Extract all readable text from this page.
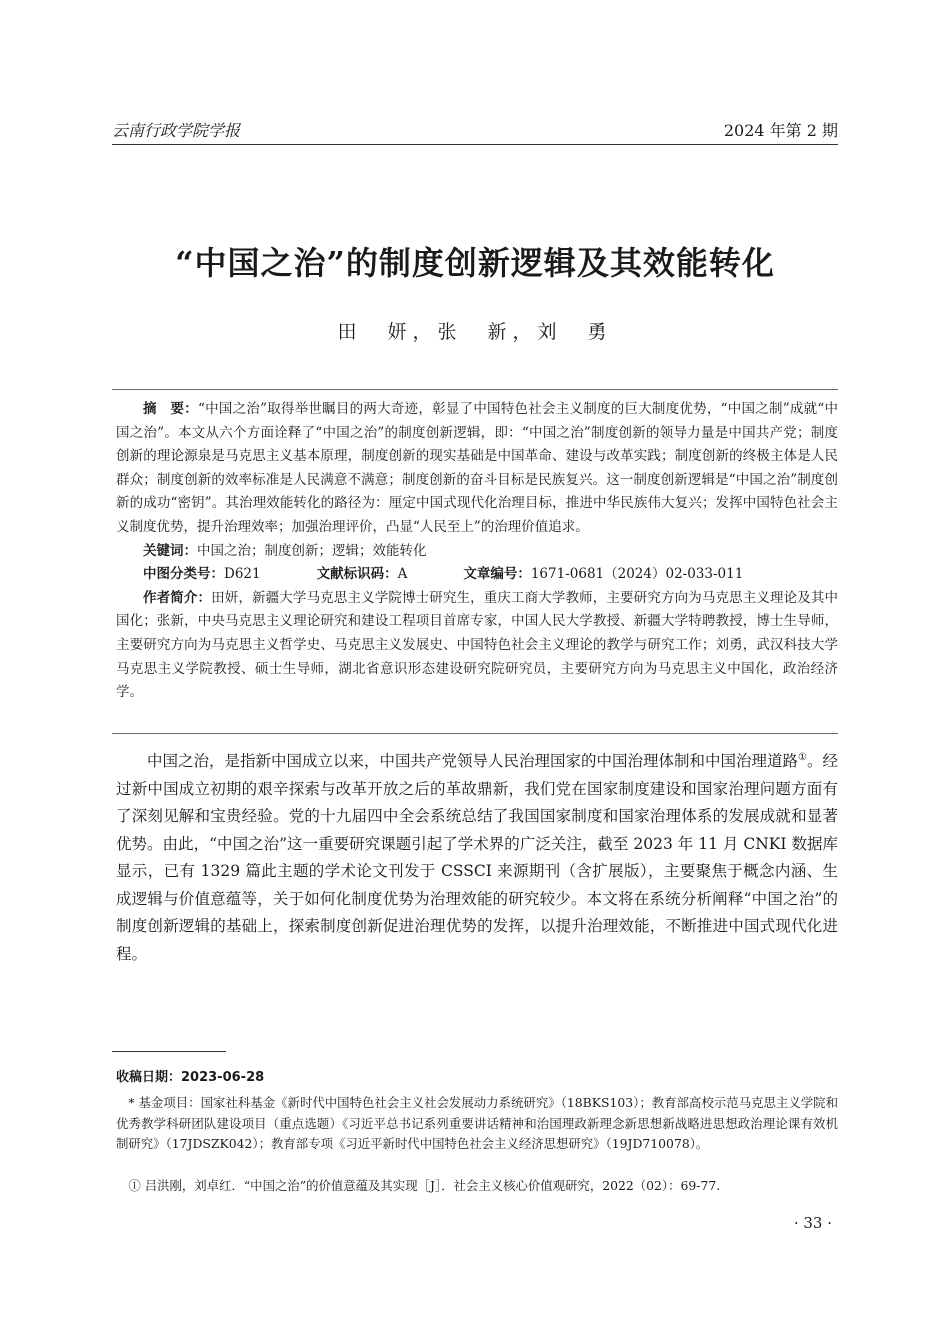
云南行政学院学报	2024 年第 2 期
“中国之治”的制度创新逻辑及其效能转化
田　妍，张　新，刘　勇

摘　要：“中国之治”取得举世瞩目的两大奇迹，彰显了中国特色社会主义制度的巨大制度优势，“中国之制”成就“中国之治”。本文从六个方面诠释了“中国之治”的制度创新逻辑，即：“中国之治”制度创新的领导力量是中国共产党；制度创新的理论源泉是马克思主义基本原理，制度创新的现实基础是中国革命、建设与改革实践；制度创新的终极主体是人民群众；制度创新的效率标准是人民满意不满意；制度创新的奋斗目标是民族复兴。这一制度创新逻辑是“中国之治”制度创新的成功“密钥”。其治理效能转化的路径为：厘定中国式现代化治理目标，推进中华民族伟大复兴；发挥中国特色社会主义制度优势，提升治理效率；加强治理评价，凸显“人民至上”的治理价值追求。

关键词：中国之治；制度创新；逻辑；效能转化

中图分类号：D621	文献标识码：A	文章编号：1671-0681（2024）02-033-011

作者简介：田妍，新疆大学马克思主义学院博士研究生，重庆工商大学教师，主要研究方向为马克思主义理论及其中国化；张新，中央马克思主义理论研究和建设工程项目首席专家，中国人民大学教授、新疆大学特聘教授，博士生导师，主要研究方向为马克思主义哲学史、马克思主义发展史、中国特色社会主义理论的教学与研究工作；刘勇，武汉科技大学马克思主义学院教授、硕士生导师，湖北省意识形态建设研究院研究员，主要研究方向为马克思主义中国化，政治经济学。

中国之治，是指新中国成立以来，中国共产党领导人民治理国家的中国治理体制和中国治理道路①。经过新中国成立初期的艰辛探索与改革开放之后的革故鼎新，我们党在国家制度建设和国家治理问题方面有了深刻见解和宝贵经验。党的十九届四中全会系统总结了我国国家制度和国家治理体系的发展成就和显著优势。由此，“中国之治”这一重要研究课题引起了学术界的广泛关注，截至 2023 年 11 月 CNKI 数据库显示，已有 1329 篇此主题的学术论文刊发于 CSSCI 来源期刊（含扩展版），主要聚焦于概念内涵、生成逻辑与价值意蕴等，关于如何化制度优势为治理效能的研究较少。本文将在系统分析阐释“中国之治”的制度创新逻辑的基础上，探索制度创新促进治理优势的发挥，以提升治理效能，不断推进中国式现代化进程。

收稿日期：2023-06-28

* 基金项目：国家社科基金《新时代中国特色社会主义社会发展动力系统研究》（18BKS103）；教育部高校示范马克思主义学院和优秀教学科研团队建设项目（重点选题）《习近平总书记系列重要讲话精神和治国理政新理念新思想新战略进思想政治理论课有效机制研究》（17JDSZK042）；教育部专项《习近平新时代中国特色社会主义经济思想研究》（19JD710078）。

① 吕洪刚，刘卓红．“中国之治”的价值意蕴及其实现［J］．社会主义核心价值观研究，2022（02）：69-77.

· 33 ·
